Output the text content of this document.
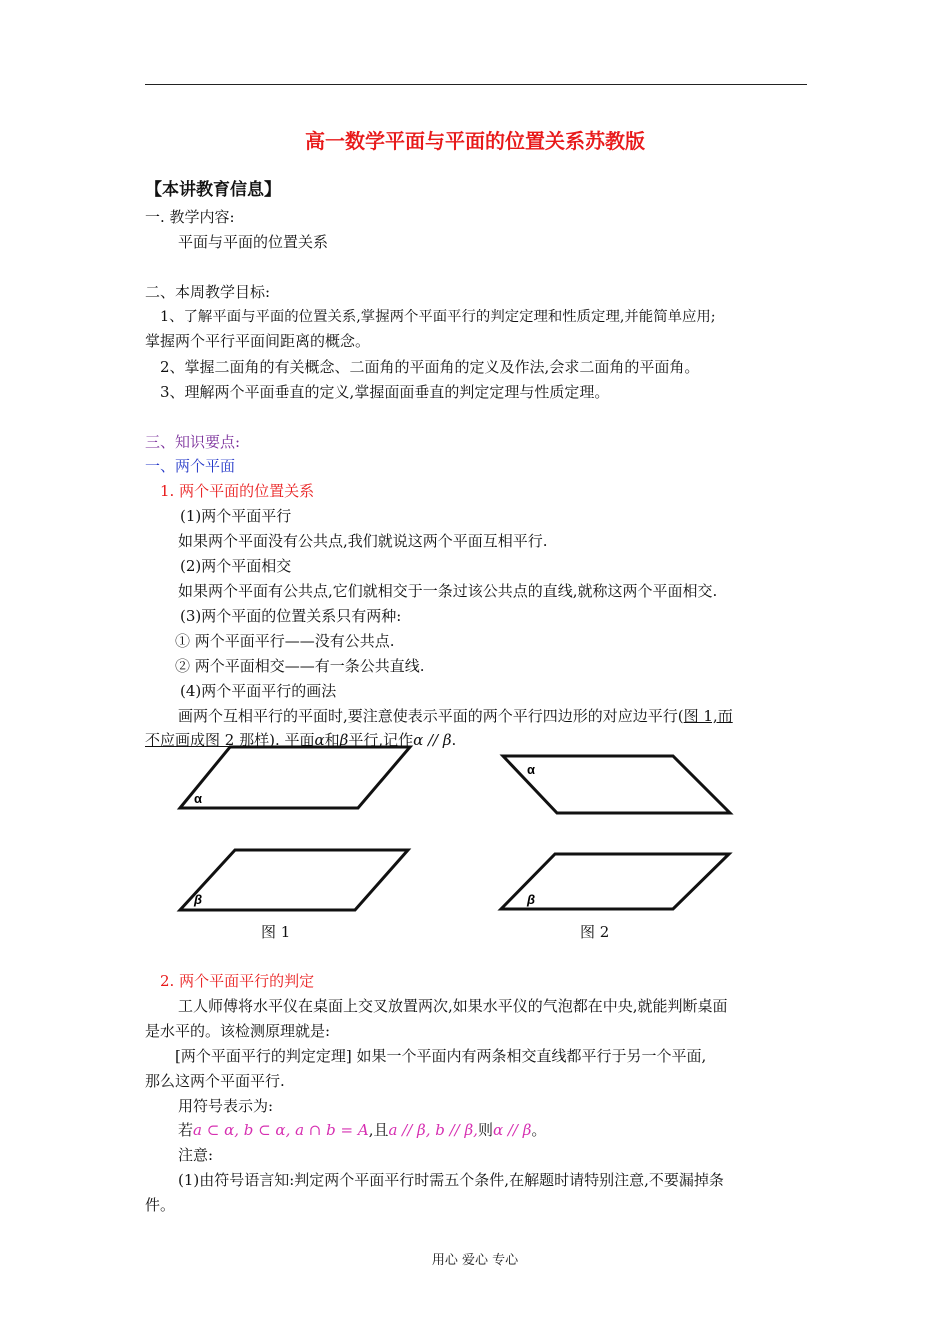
高一数学平面与平面的位置关系苏教版
【本讲教育信息】
一. 教学内容:
平面与平面的位置关系
二、本周教学目标:
1、了解平面与平面的位置关系,掌握两个平面平行的判定定理和性质定理,并能简单应用;
掌握两个平行平面间距离的概念。
2、掌握二面角的有关概念、二面角的平面角的定义及作法,会求二面角的平面角。
3、理解两个平面垂直的定义,掌握面面垂直的判定定理与性质定理。
三、知识要点:
一、两个平面
1. 两个平面的位置关系
(1)两个平面平行
如果两个平面没有公共点,我们就说这两个平面互相平行.
(2)两个平面相交
如果两个平面有公共点,它们就相交于一条过该公共点的直线,就称这两个平面相交.
(3)两个平面的位置关系只有两种:
① 两个平面平行——没有公共点.
② 两个平面相交——有一条公共直线.
(4)两个平面平行的画法
画两个互相平行的平面时,要注意使表示平面的两个平行四边形的对应边平行(图 1,而
不应画成图 2 那样). 平面α和β平行,记作α // β.
α
β
图 1
α
β
图 2
2. 两个平面平行的判定
工人师傅将水平仪在桌面上交叉放置两次,如果水平仪的气泡都在中央,就能判断桌面
是水平的。该检测原理就是:
[两个平面平行的判定定理] 如果一个平面内有两条相交直线都平行于另一个平面,
那么这两个平面平行.
用符号表示为:
若a ⊂ α, b ⊂ α, a ∩ b = A,且a // β, b // β,则α // β。
注意:
(1)由符号语言知:判定两个平面平行时需五个条件,在解题时请特别注意,不要漏掉条
件。
用心 爱心 专心
